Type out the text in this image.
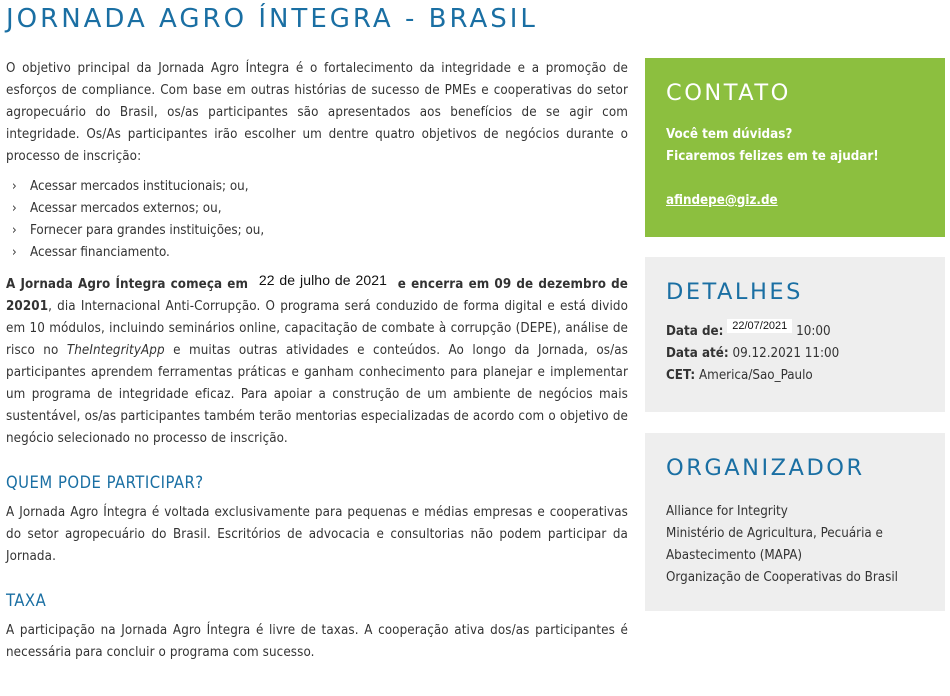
JORNADA AGRO ÍNTEGRA - BRASIL

O objetivo principal da Jornada Agro Íntegra é o fortalecimento da integridade e a promoção de esforços de compliance. Com base em outras histórias de sucesso de PMEs e cooperativas do setor agropecuário do Brasil, os/as participantes são apresentados aos benefícios de se agir com integridade. Os/As participantes irão escolher um dentre quatro objetivos de negócios durante o processo de inscrição:

› Acessar mercados institucionais; ou,
› Acessar mercados externos; ou,
› Fornecer para grandes instituições; ou,
› Acessar financiamento.

A Jornada Agro Íntegra começa em 22 de julho de 2021 e encerra em 09 de dezembro de 20201, dia Internacional Anti-Corrupção. O programa será conduzido de forma digital e está divido em 10 módulos, incluindo seminários online, capacitação de combate à corrupção (DEPE), análise de risco no TheIntegrityApp e muitas outras atividades e conteúdos. Ao longo da Jornada, os/as participantes aprendem ferramentas práticas e ganham conhecimento para planejar e implementar um programa de integridade eficaz. Para apoiar a construção de um ambiente de negócios mais sustentável, os/as participantes também terão mentorias especializadas de acordo com o objetivo de negócio selecionado no processo de inscrição.

QUEM PODE PARTICIPAR?

A Jornada Agro Íntegra é voltada exclusivamente para pequenas e médias empresas e cooperativas do setor agropecuário do Brasil. Escritórios de advocacia e consultorias não podem participar da Jornada.

TAXA

A participação na Jornada Agro Íntegra é livre de taxas. A cooperação ativa dos/as participantes é necessária para concluir o programa com sucesso.

CONTATO
Você tem dúvidas?
Ficaremos felizes em te ajudar!
afindepe@giz.de
DETALHES
Data de: $^{22/07/2021}$ 10:00
Data até: 09.12.2021 11:00
CET: America/Sao_Paulo
ORGANIZADOR
Alliance for Integrity
Ministério de Agricultura, Pecuária e Abastecimento (MAPA)
Organização de Cooperativas do Brasil
